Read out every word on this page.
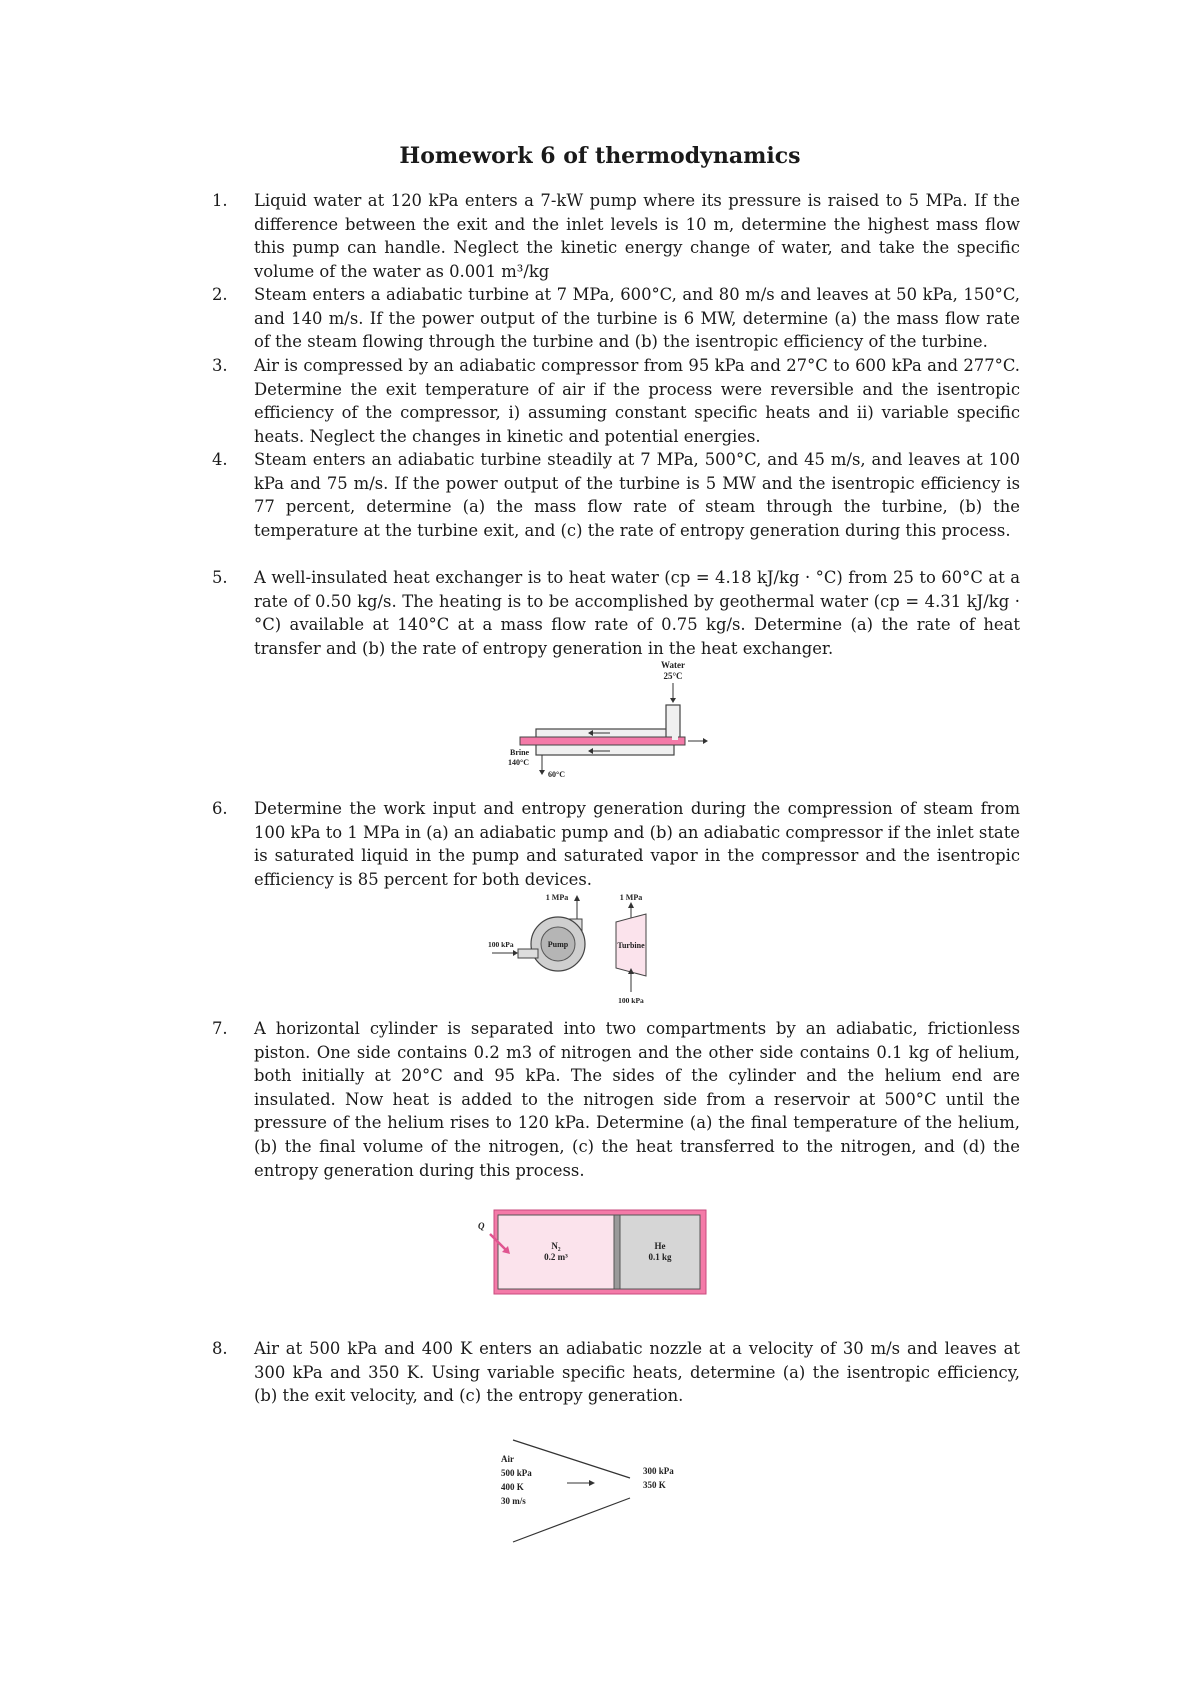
Homework 6 of thermodynamics
1.	Liquid water at 120 kPa enters a 7-kW pump where its pressure is raised to 5 MPa. If the difference between the exit and the inlet levels is 10 m, determine the highest mass flow this pump can handle. Neglect the kinetic energy change of water, and take the specific volume of the water as 0.001 m³/kg
2.	Steam enters a adiabatic turbine at 7 MPa, 600°C, and 80 m/s and leaves at 50 kPa, 150°C, and 140 m/s. If the power output of the turbine is 6 MW, determine (a) the mass flow rate of the steam flowing through the turbine and (b) the isentropic efficiency of the turbine.
3.	Air is compressed by an adiabatic compressor from 95 kPa and 27°C to 600 kPa and 277°C. Determine the exit temperature of air if the process were reversible and the isentropic efficiency of the compressor, i) assuming constant specific heats and ii) variable specific heats. Neglect the changes in kinetic and potential energies.
4.	Steam enters an adiabatic turbine steadily at 7 MPa, 500°C, and 45 m/s, and leaves at 100 kPa and 75 m/s. If the power output of the turbine is 5 MW and the isentropic efficiency is 77 percent, determine (a) the mass flow rate of steam through the turbine, (b) the temperature at the turbine exit, and (c) the rate of entropy generation during this process.
5.	A well-insulated heat exchanger is to heat water (cp = 4.18 kJ/kg · °C) from 25 to 60°C at a rate of 0.50 kg/s. The heating is to be accomplished by geothermal water (cp = 4.31 kJ/kg · °C) available at 140°C at a mass flow rate of 0.75 kg/s. Determine (a) the rate of heat transfer and (b) the rate of entropy generation in the heat exchanger.
Water
25°C
Brine
140°C
60°C
6.	Determine the work input and entropy generation during the compression of steam from 100 kPa to 1 MPa in (a) an adiabatic pump and (b) an adiabatic compressor if the inlet state is saturated liquid in the pump and saturated vapor in the compressor and the isentropic efficiency is 85 percent for both devices.
1 MPa	1 MPa
Pump
100 kPa	Turbine
100 kPa
7.	A horizontal cylinder is separated into two compartments by an adiabatic, frictionless piston. One side contains 0.2 m3 of nitrogen and the other side contains 0.1 kg of helium, both initially at 20°C and 95 kPa. The sides of the cylinder and the helium end are insulated. Now heat is added to the nitrogen side from a reservoir at 500°C until the pressure of the helium rises to 120 kPa. Determine (a) the final temperature of the helium, (b) the final volume of the nitrogen, (c) the heat transferred to the nitrogen, and (d) the entropy generation during this process.
Q
N₂
0.2 m³
He
0.1 kg
8.	Air at 500 kPa and 400 K enters an adiabatic nozzle at a velocity of 30 m/s and leaves at 300 kPa and 350 K. Using variable specific heats, determine (a) the isentropic efficiency, (b) the exit velocity, and (c) the entropy generation.
Air
500 kPa
400 K
30 m/s
300 kPa
350 K
